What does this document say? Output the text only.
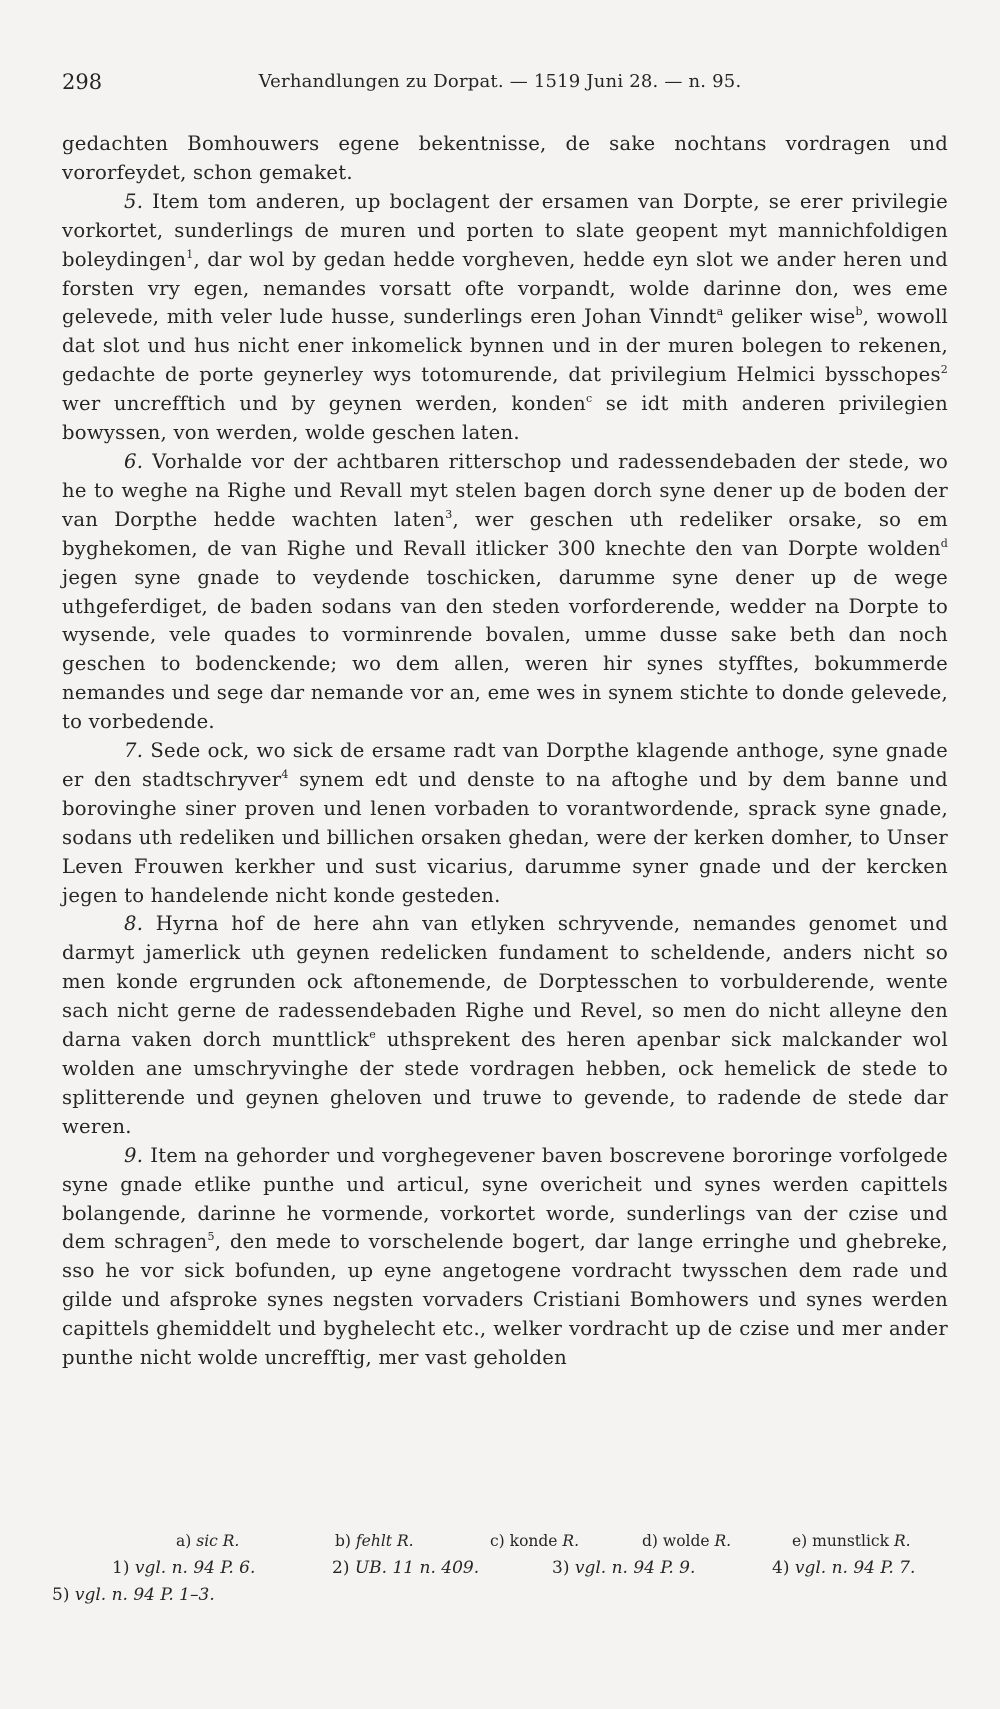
298	Verhandlungen zu Dorpat. — 1519 Juni 28. — n. 95.

gedachten Bomhouwers egene bekentnisse, de sake nochtans vordragen und vororfeydet, schon gemaket.

5. Item tom anderen, up boclagent der ersamen van Dorpte, se erer privilegie vorkortet, sunderlings de muren und porten to slate geopent myt mannichfoldigen boleydingen$^1$, dar wol by gedan hedde vorgheven, hedde eyn slot we ander heren und forsten vry egen, nemandes vorsatt ofte vorpandt, wolde darinne don, wes eme gelevede, mith veler lude husse, sunderlings eren Johan Vinndt$^a$ geliker wise$^b$, wowoll dat slot und hus nicht ener inkomelick bynnen und in der muren bolegen to rekenen, gedachte de porte geynerley wys totomurende, dat privilegium Helmici bysschopes$^2$ wer uncrefftich und by geynen werden, konden$^c$ se idt mith anderen privilegien bowyssen, von werden, wolde geschen laten.

6. Vorhalde vor der achtbaren ritterschop und radessendebaden der stede, wo he to weghe na Righe und Revall myt stelen bagen dorch syne dener up de boden der van Dorpthe hedde wachten laten$^3$, wer geschen uth redeliker orsake, so em byghekomen, de van Righe und Revall itlicker 300 knechte den van Dorpte wolden$^d$ jegen syne gnade to veydende toschicken, darumme syne dener up de wege uthgeferdiget, de baden sodans van den steden vorforderende, wedder na Dorpte to wysende, vele quades to vorminrende bovalen, umme dusse sake beth dan noch geschen to bodenckende; wo dem allen, weren hir synes styfftes, bokummerde nemandes und sege dar nemande vor an, eme wes in synem stichte to donde gelevede, to vorbedende.

7. Sede ock, wo sick de ersame radt van Dorpthe klagende anthoge, syne gnade er den stadtschryver$^4$ synem edt und denste to na aftoghe und by dem banne und borovinghe siner proven und lenen vorbaden to vorantwordende, sprack syne gnade, sodans uth redeliken und billichen orsaken ghedan, were der kerken domher, to Unser Leven Frouwen kerkher und sust vicarius, darumme syner gnade und der kercken jegen to handelende nicht konde gesteden.

8. Hyrna hof de here ahn van etlyken schryvende, nemandes genomet und darmyt jamerlick uth geynen redelicken fundament to scheldende, anders nicht so men konde ergrunden ock aftonemende, de Dorptesschen to vorbulderende, wente sach nicht gerne de radessendebaden Righe und Revel, so men do nicht alleyne den darna vaken dorch munttlick$^e$ uthsprekent des heren apenbar sick malckander wol wolden ane umschryvinghe der stede vordragen hebben, ock hemelick de stede to splitterende und geynen gheloven und truwe to gevende, to radende de stede dar weren.

9. Item na gehorder und vorghegevener baven boscrevene bororinge vorfolgede syne gnade etlike punthe und articul, syne overicheit und synes werden capittels bolangende, darinne he vormende, vorkortet worde, sunderlings van der czise und dem schragen$^5$, den mede to vorschelende bogert, dar lange erringhe und ghebreke, sso he vor sick bofunden, up eyne angetogene vordracht twysschen dem rade und gilde und afsproke synes negsten vorvaders Cristiani Bomhowers und synes werden capittels ghemiddelt und byghelecht etc., welker vordracht up de czise und mer ander punthe nicht wolde uncrefftig, mer vast geholden

a) sic R.	b) fehlt R.	c) konde R.	d) wolde R.	e) munstlick R.
1) vgl. n. 94 P. 6.	2) UB. 11 n. 409.	3) vgl. n. 94 P. 9.	4) vgl. n. 94 P. 7.
5) vgl. n. 94 P. 1–3.
